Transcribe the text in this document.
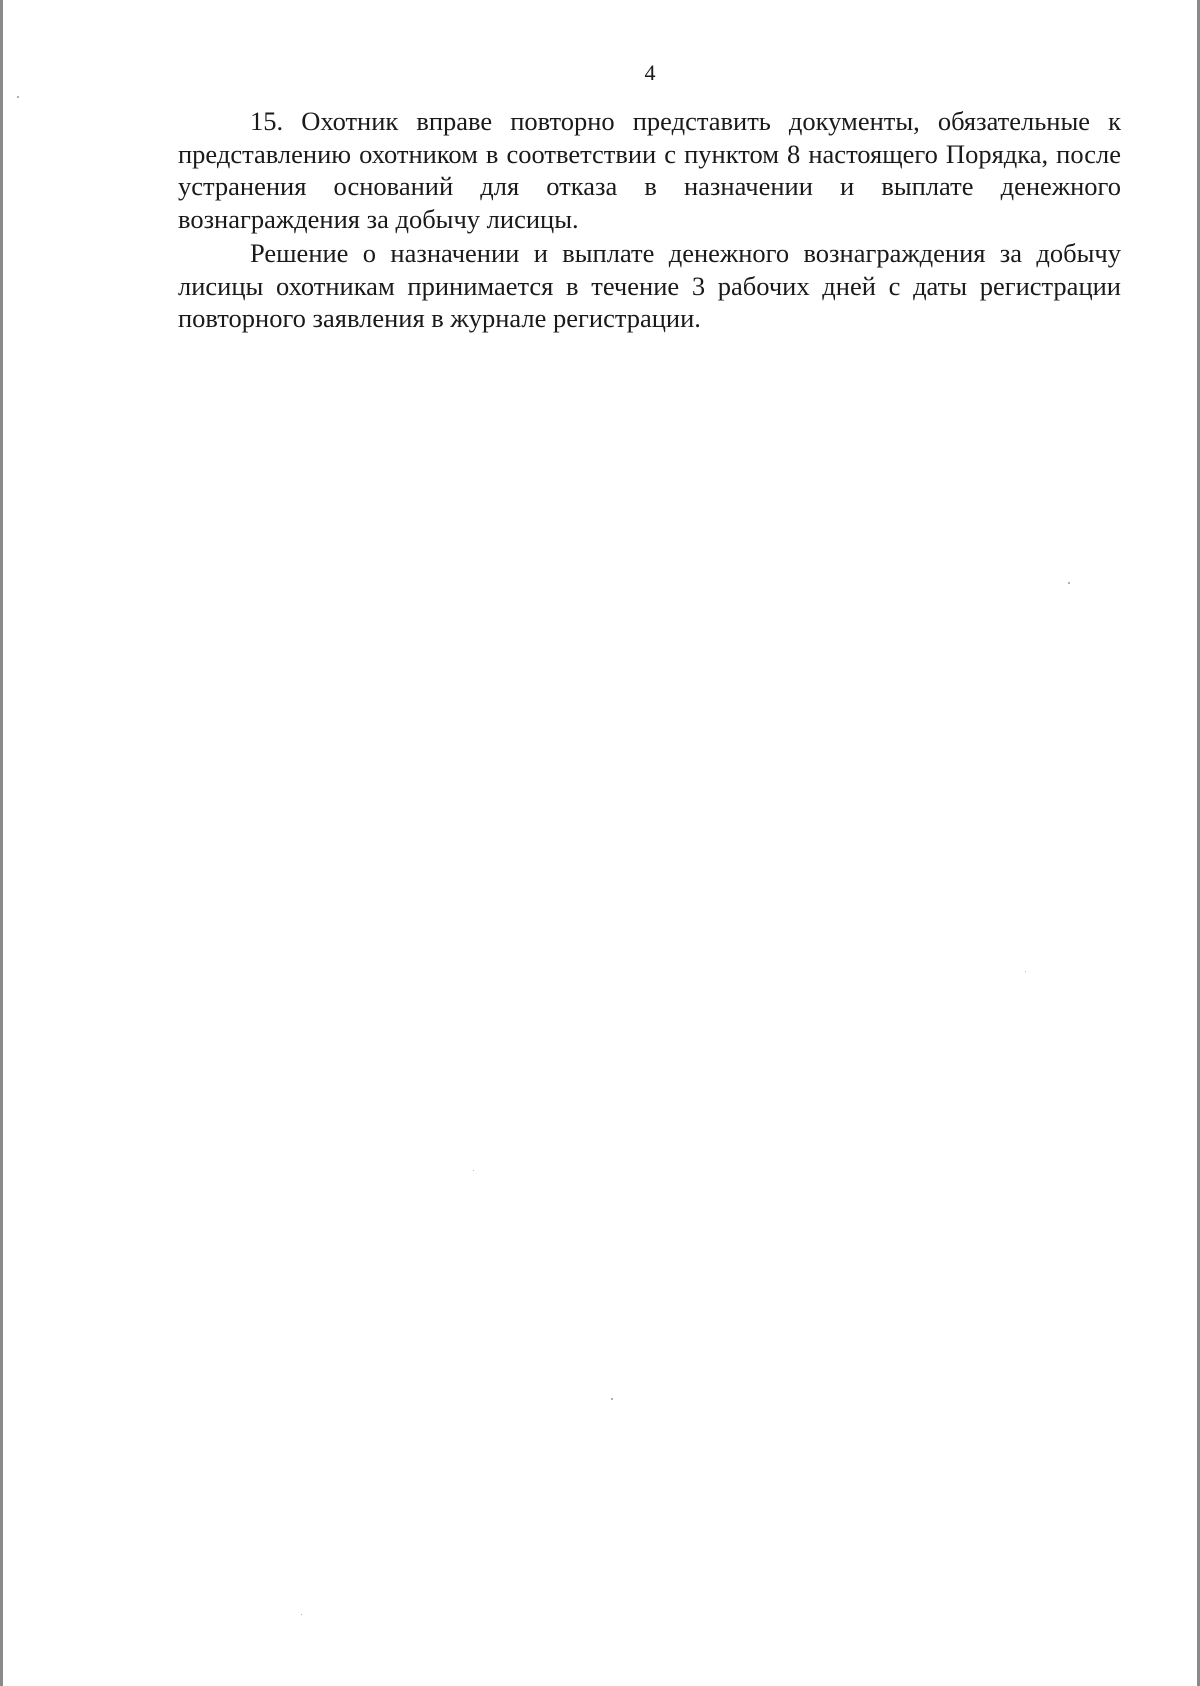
4

15. Охотник вправе повторно представить документы, обязательные к представлению охотником в соответствии с пунктом 8 настоящего Порядка, после устранения оснований для отказа в назначении и выплате денежного вознаграждения за добычу лисицы.

Решение о назначении и выплате денежного вознаграждения за добычу лисицы охотникам принимается в течение 3 рабочих дней с даты регистрации повторного заявления в журнале регистрации.
